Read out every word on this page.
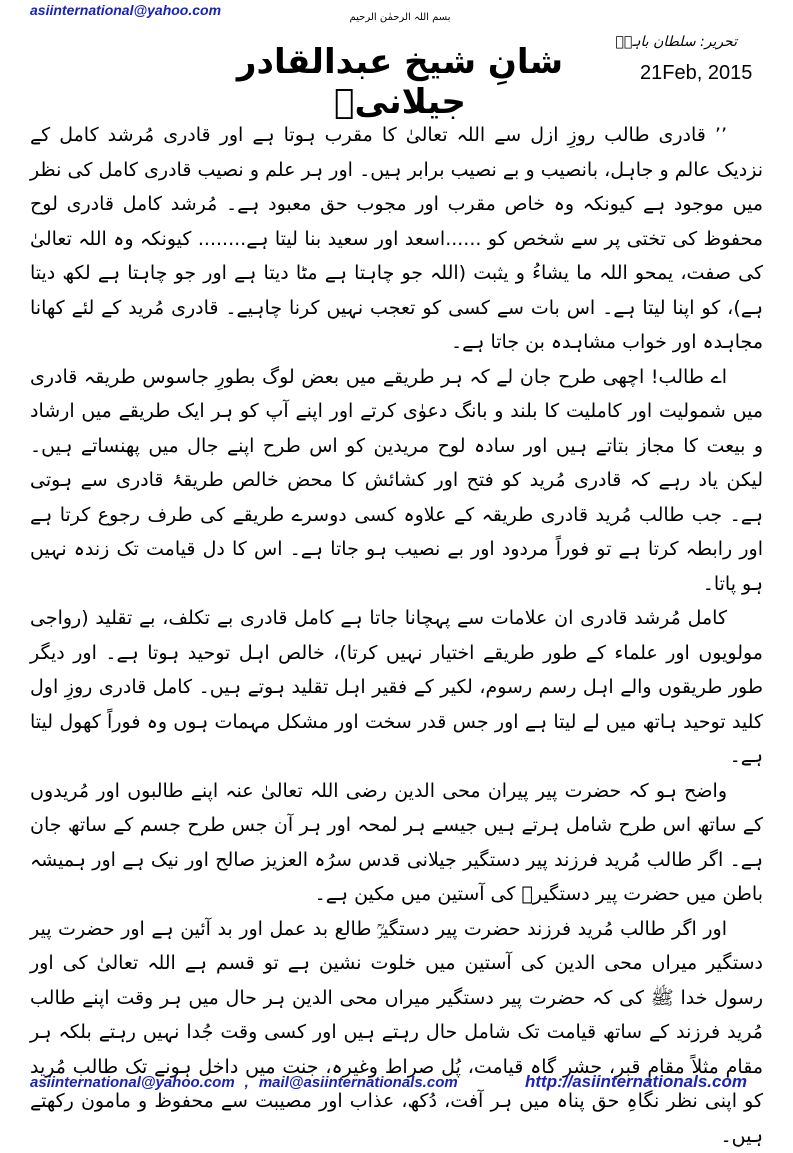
asiinternational@yahoo.com	بسم اللہ الرحمٰن الرحیم
تحریر: سلطان باہوؒ
21Feb, 2015
شانِ شیخ عبدالقادر جیلانیؒ

’’ قادری طالب روزِ ازل سے اللہ تعالیٰ کا مقرب ہوتا ہے اور قادری مُرشد کامل کے نزدیک عالم و جاہل، بانصیب و بے نصیب برابر ہیں۔ اور ہر علم و نصیب قادری کامل کی نظر میں موجود ہے کیونکہ وہ خاص مقرب اور مجوب حق معبود ہے۔ مُرشد کامل قادری لوح محفوظ کی تختی پر سے شخص کو ......اسعد اور سعید بنا لیتا ہے........ کیونکہ وہ اللہ تعالیٰ کی صفت، یمحو اللہ ما یشاءُ و یثبت (اللہ جو چاہتا ہے مٹا دیتا ہے اور جو چاہتا ہے لکھ دیتا ہے)، کو اپنا لیتا ہے۔ اس بات سے کسی کو تعجب نہیں کرنا چاہیے۔ قادری مُرید کے لئے کھانا مجاہدہ اور خواب مشاہدہ بن جاتا ہے۔

اے طالب! اچھی طرح جان لے کہ ہر طریقے میں بعض لوگ بطورِ جاسوس طریقہ قادری میں شمولیت اور کاملیت کا بلند و بانگ دعوٰی کرتے اور اپنے آپ کو ہر ایک طریقے میں ارشاد و بیعت کا مجاز بتاتے ہیں اور سادہ لوح مریدین کو اس طرح اپنے جال میں پھنساتے ہیں۔ لیکن یاد رہے کہ قادری مُرید کو فتح اور کشائش کا محض خالص طریقۂ قادری سے ہوتی ہے۔ جب طالب مُرید قادری طریقہ کے علاوہ کسی دوسرے طریقے کی طرف رجوع کرتا ہے اور رابطہ کرتا ہے تو فوراً مردود اور بے نصیب ہو جاتا ہے۔ اس کا دل قیامت تک زندہ نہیں ہو پاتا۔

کامل مُرشد قادری ان علامات سے پہچانا جاتا ہے کامل قادری بے تکلف، بے تقلید (رواجی مولویوں اور علماء کے طور طریقے اختیار نہیں کرتا)، خالص اہل توحید ہوتا ہے۔ اور دیگر طور طریقوں والے اہل رسم رسوم، لکیر کے فقیر اہل تقلید ہوتے ہیں۔ کامل قادری روزِ اول کلید توحید ہاتھ میں لے لیتا ہے اور جس قدر سخت اور مشکل مہمات ہوں وہ فوراً کھول لیتا ہے۔

واضح ہو کہ حضرت پیر پیران محی الدین رضی اللہ تعالیٰ عنہ اپنے طالبوں اور مُریدوں کے ساتھ اس طرح شامل ہرتے ہیں جیسے ہر لمحہ اور ہر آن جس طرح جسم کے ساتھ جان ہے۔ اگر طالب مُرید فرزند پیر دستگیر جیلانی قدس سرُہ العزیز صالح اور نیک ہے اور ہمیشہ باطن میں حضرت پیر دستگیرؒ کی آستین میں مکین ہے۔

اور اگر طالب مُرید فرزند حضرت پیر دستگیرؒ طالع بد عمل اور بد آئین ہے اور حضرت پیر دستگیر میراں محی الدین کی آستین میں خلوت نشین ہے تو قسم ہے اللہ تعالیٰ کی اور رسول خدا ﷺ کی کہ حضرت پیر دستگیر میراں محی الدین ہر حال میں ہر وقت اپنے طالب مُرید فرزند کے ساتھ قیامت تک شامل حال رہتے ہیں اور کسی وقت جُدا نہیں رہتے بلکہ ہر مقام مثلاً مقامِ قبر، حشر گاہ قیامت، پُل صراط وغیرہ، جنت میں داخل ہونے تک طالب مُرید کو اپنی نظر نگاہِ حق پناہ میں ہر آفت، دُکھ، عذاب اور مصیبت سے محفوظ و مامون رکھتے ہیں۔

asiinternational@yahoo.com , mail@asiinternationals.com	http://asiinternationals.com
